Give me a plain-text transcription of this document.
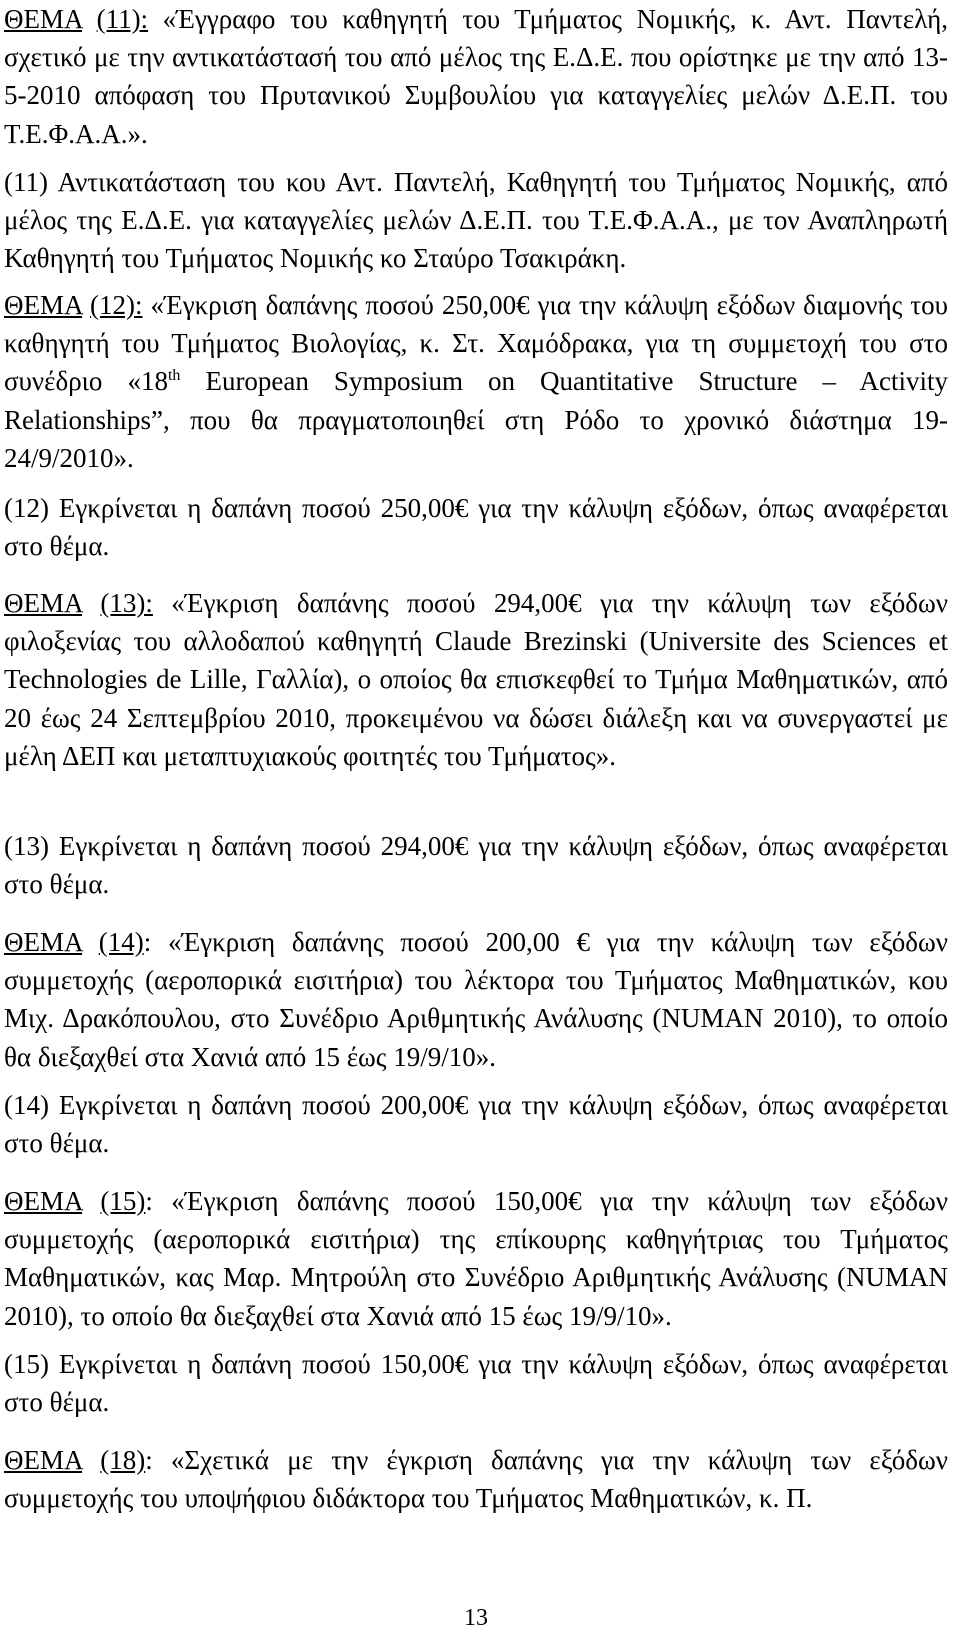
ΘΕΜΑ (11): «Έγγραφο του καθηγητή του Τμήματος Νομικής, κ. Αντ. Παντελή, σχετικό με την αντικατάστασή του από μέλος της Ε.Δ.Ε. που ορίστηκε με την από 13-5-2010 απόφαση του Πρυτανικού Συμβουλίου για καταγγελίες μελών Δ.Ε.Π. του Τ.Ε.Φ.Α.Α.».

(11) Αντικατάσταση του κου Αντ. Παντελή, Καθηγητή του Τμήματος Νομικής, από μέλος της Ε.Δ.Ε. για καταγγελίες μελών Δ.Ε.Π. του Τ.Ε.Φ.Α.Α., με τον Αναπληρωτή Καθηγητή του Τμήματος Νομικής κο Σταύρο Τσακιράκη.

ΘΕΜΑ (12): «Έγκριση δαπάνης ποσού 250,00€ για την κάλυψη εξόδων διαμονής του καθηγητή του Τμήματος Βιολογίας, κ. Στ. Χαμόδρακα, για τη συμμετοχή του στο συνέδριο «18th European Symposium on Quantitative Structure – Activity Relationships”, που θα πραγματοποιηθεί στη Ρόδο το χρονικό διάστημα 19-24/9/2010».

(12) Εγκρίνεται η δαπάνη ποσού 250,00€ για την κάλυψη εξόδων, όπως αναφέρεται στο θέμα.

ΘΕΜΑ (13): «Έγκριση δαπάνης ποσού 294,00€ για την κάλυψη των εξόδων φιλοξενίας του αλλοδαπού καθηγητή Claude Brezinski (Universite des Sciences et Technologies de Lille, Γαλλία), ο οποίος θα επισκεφθεί το Τμήμα Μαθηματικών, από 20 έως 24 Σεπτεμβρίου 2010, προκειμένου να δώσει διάλεξη και να συνεργαστεί με μέλη ΔΕΠ και μεταπτυχιακούς φοιτητές του Τμήματος».

(13) Εγκρίνεται η δαπάνη ποσού 294,00€ για την κάλυψη εξόδων, όπως αναφέρεται στο θέμα.

ΘΕΜΑ (14): «Έγκριση δαπάνης ποσού 200,00 € για την κάλυψη των εξόδων συμμετοχής (αεροπορικά εισιτήρια) του λέκτορα του Τμήματος Μαθηματικών, κου Μιχ. Δρακόπουλου, στο Συνέδριο Αριθμητικής Ανάλυσης (NUMAN 2010), το οποίο θα διεξαχθεί στα Χανιά από 15 έως 19/9/10».

(14) Εγκρίνεται η δαπάνη ποσού 200,00€ για την κάλυψη εξόδων, όπως αναφέρεται στο θέμα.

ΘΕΜΑ (15): «Έγκριση δαπάνης ποσού 150,00€ για την κάλυψη των εξόδων συμμετοχής (αεροπορικά εισιτήρια) της επίκουρης καθηγήτριας του Τμήματος Μαθηματικών, κας Μαρ. Μητρούλη στο Συνέδριο Αριθμητικής Ανάλυσης (NUMAN 2010), το οποίο θα διεξαχθεί στα Χανιά από 15 έως 19/9/10».

(15) Εγκρίνεται η δαπάνη ποσού 150,00€ για την κάλυψη εξόδων, όπως αναφέρεται στο θέμα.

ΘΕΜΑ (18): «Σχετικά με την έγκριση δαπάνης για την κάλυψη των εξόδων συμμετοχής του υποψήφιου διδάκτορα του Τμήματος Μαθηματικών, κ. Π.

13
